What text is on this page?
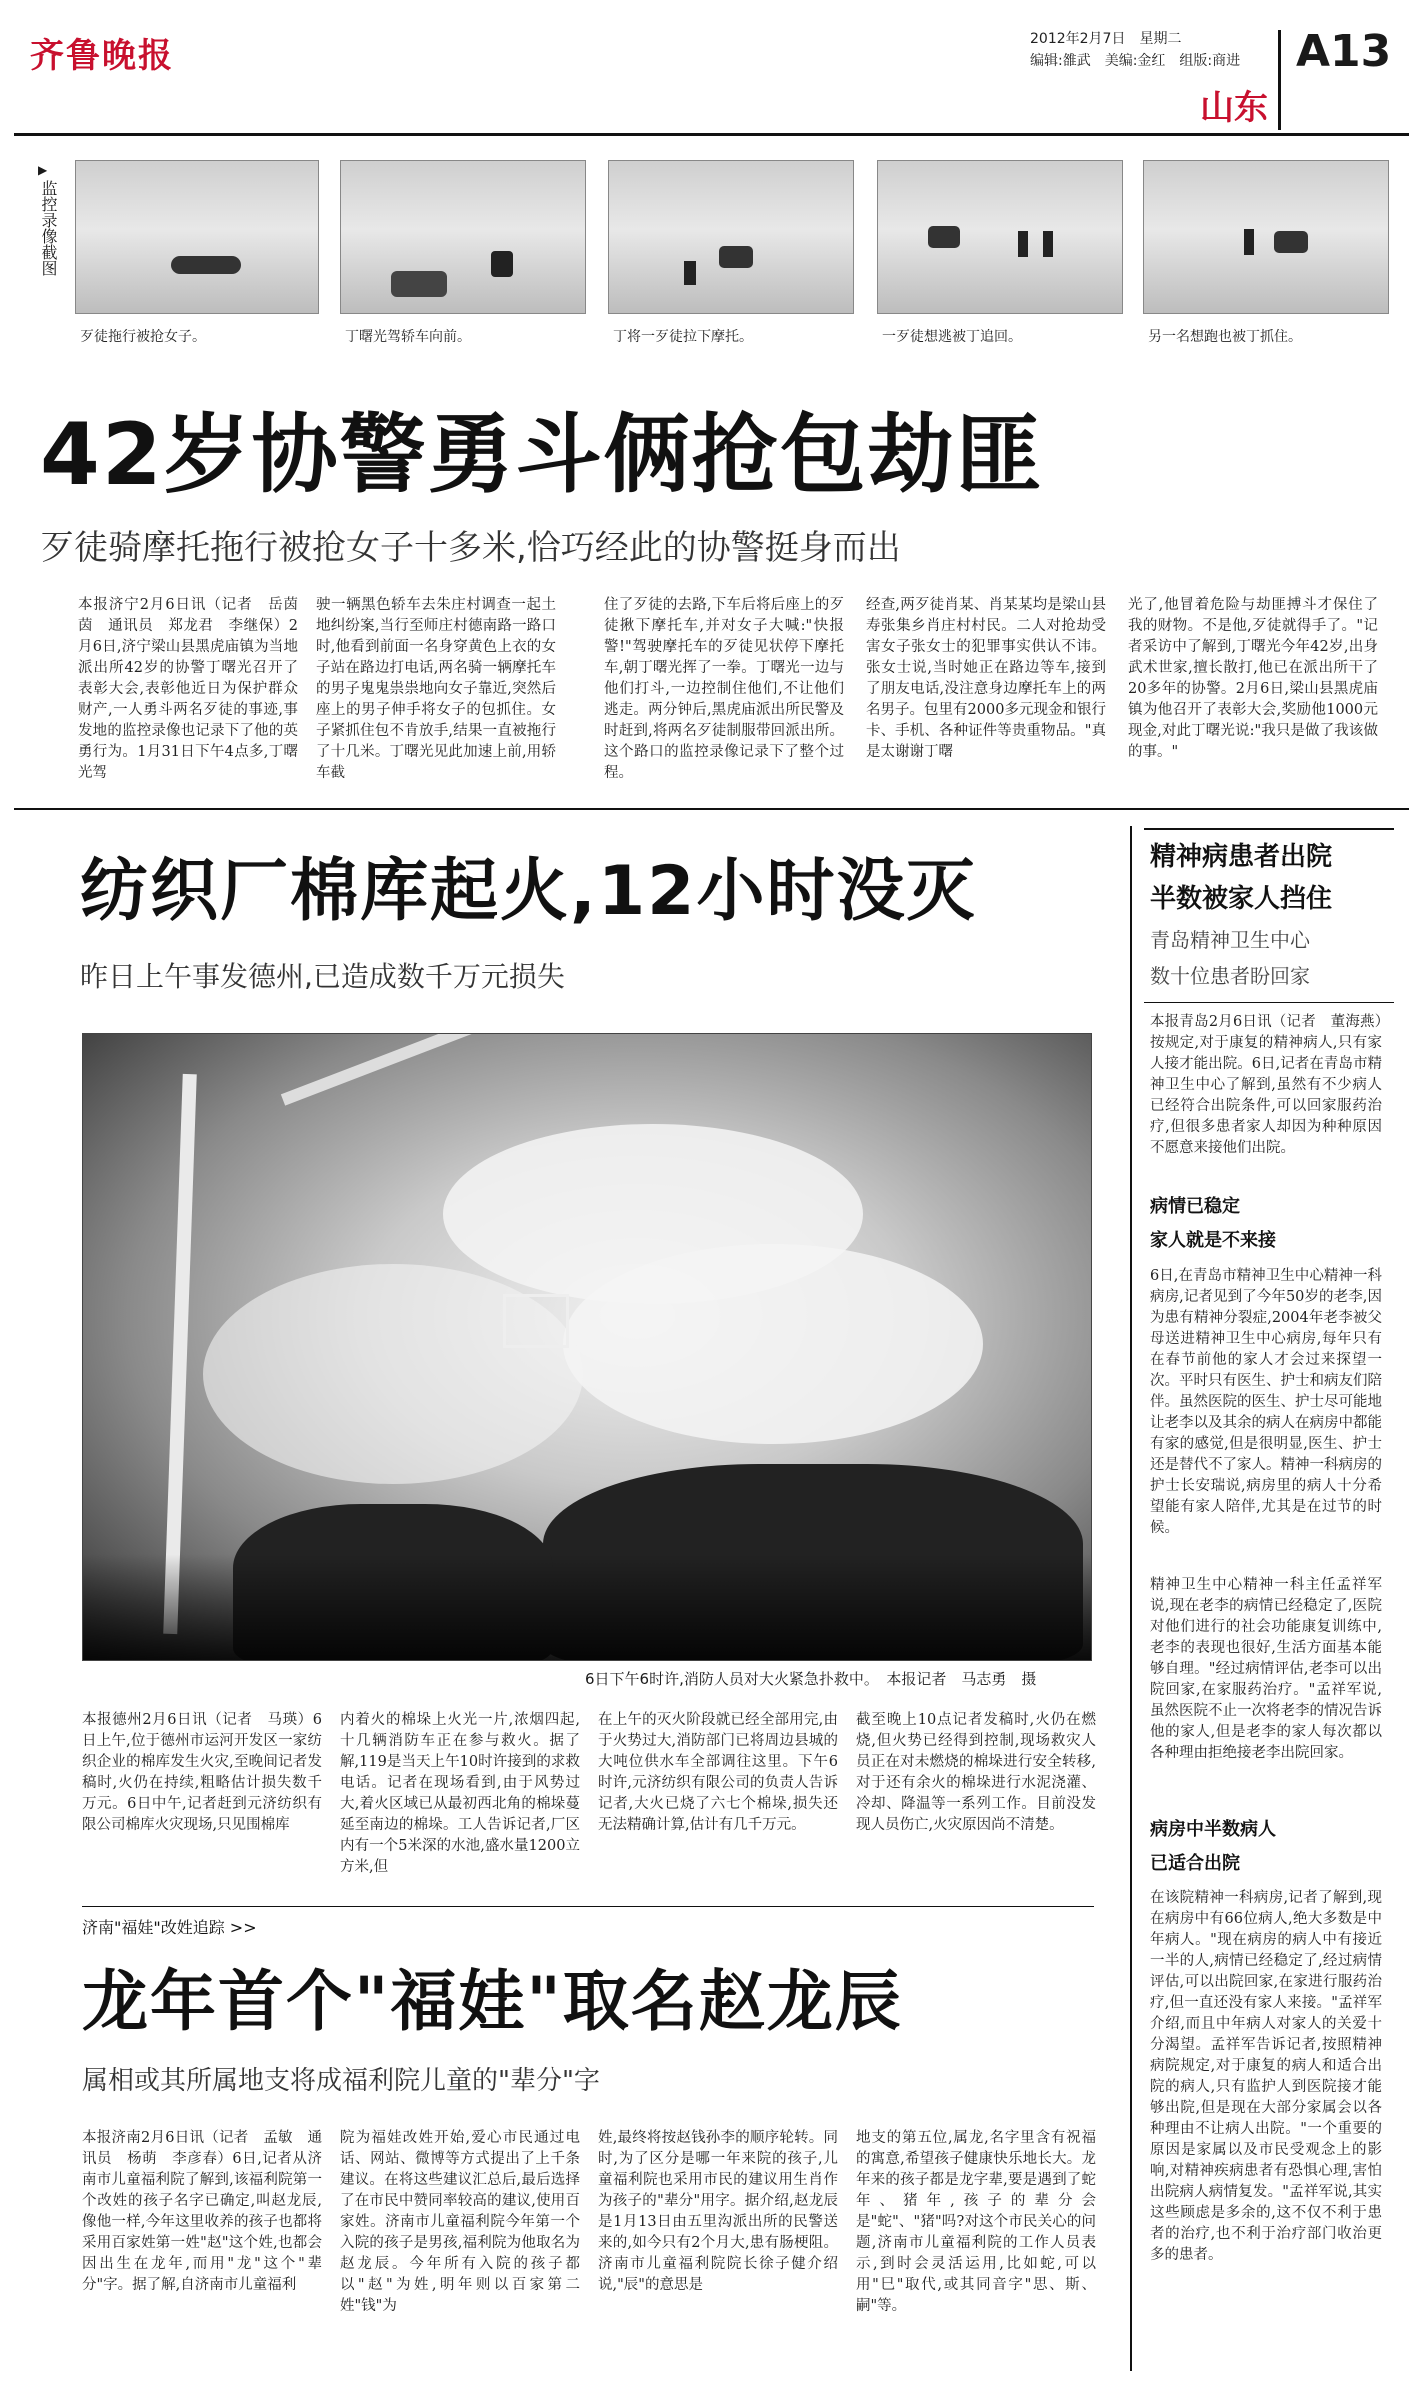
齐鲁晚报	2012年2月7日　星期二
编辑:雒武　美编:金红　组版:商进 A13
山东
▶
监控录像截图
歹徒拖行被抢女子。	丁曙光驾轿车向前。	丁将一歹徒拉下摩托。	一歹徒想逃被丁追回。	另一名想跑也被丁抓住。
42岁协警勇斗俩抢包劫匪
歹徒骑摩托拖行被抢女子十多米,恰巧经此的协警挺身而出
本报济宁2月6日讯（记者　岳茵茵　通讯员　郑龙君　李继保）2月6日,济宁梁山县黑虎庙镇为当地派出所42岁的协警丁曙光召开了表彰大会,表彰他近日为保护群众财产,一人勇斗两名歹徒的事迹,事发地的监控录像也记录下了他的英勇行为。1月31日下午4点多,丁曙光驾
驶一辆黑色轿车去朱庄村调查一起土地纠纷案,当行至师庄村德南路一路口时,他看到前面一名身穿黄色上衣的女子站在路边打电话,两名骑一辆摩托车的男子鬼鬼祟祟地向女子靠近,突然后座上的男子伸手将女子的包抓住。女子紧抓住包不肯放手,结果一直被拖行了十几米。丁曙光见此加速上前,用轿车截
住了歹徒的去路,下车后将后座上的歹徒揪下摩托车,并对女子大喊:"快报警!"驾驶摩托车的歹徒见状停下摩托车,朝丁曙光挥了一拳。丁曙光一边与他们打斗,一边控制住他们,不让他们逃走。两分钟后,黑虎庙派出所民警及时赶到,将两名歹徒制服带回派出所。这个路口的监控录像记录下了整个过程。
经查,两歹徒肖某、肖某某均是梁山县寿张集乡肖庄村村民。二人对抢劫受害女子张女士的犯罪事实供认不讳。张女士说,当时她正在路边等车,接到了朋友电话,没注意身边摩托车上的两名男子。包里有2000多元现金和银行卡、手机、各种证件等贵重物品。"真是太谢谢丁曙
光了,他冒着危险与劫匪搏斗才保住了我的财物。不是他,歹徒就得手了。"记者采访中了解到,丁曙光今年42岁,出身武术世家,擅长散打,他已在派出所干了20多年的协警。2月6日,梁山县黑虎庙镇为他召开了表彰大会,奖励他1000元现金,对此丁曙光说:"我只是做了我该做的事。"
纺织厂棉库起火,12小时没灭
昨日上午事发德州,已造成数千万元损失
6日下午6时许,消防人员对大火紧急扑救中。　本报记者　马志勇　摄
本报德州2月6日讯（记者　马瑛）6日上午,位于德州市运河开发区一家纺织企业的棉库发生火灾,至晚间记者发稿时,火仍在持续,粗略估计损失数千万元。6日中午,记者赶到元济纺织有限公司棉库火灾现场,只见围棉库
内着火的棉垛上火光一片,浓烟四起,十几辆消防车正在参与救火。据了解,119是当天上午10时许接到的求救电话。记者在现场看到,由于风势过大,着火区域已从最初西北角的棉垛蔓延至南边的棉垛。工人告诉记者,厂区内有一个5米深的水池,盛水量1200立方米,但
在上午的灭火阶段就已经全部用完,由于火势过大,消防部门已将周边县城的大吨位供水车全部调往这里。下午6时许,元济纺织有限公司的负责人告诉记者,大火已烧了六七个棉垛,损失还无法精确计算,估计有几千万元。
截至晚上10点记者发稿时,火仍在燃烧,但火势已经得到控制,现场救灾人员正在对未燃烧的棉垛进行安全转移,对于还有余火的棉垛进行水泥浇灌、冷却、降温等一系列工作。目前没发现人员伤亡,火灾原因尚不清楚。
济南"福娃"改姓追踪 >>
龙年首个"福娃"取名赵龙辰
属相或其所属地支将成福利院儿童的"辈分"字
本报济南2月6日讯（记者　孟敏　通讯员　杨萌　李彦春）6日,记者从济南市儿童福利院了解到,该福利院第一个改姓的孩子名字已确定,叫赵龙辰,像他一样,今年这里收养的孩子也都将采用百家姓第一姓"赵"这个姓,也都会因出生在龙年,而用"龙"这个"辈分"字。据了解,自济南市儿童福利
院为福娃改姓开始,爱心市民通过电话、网站、微博等方式提出了上千条建议。在将这些建议汇总后,最后选择了在市民中赞同率较高的建议,使用百家姓。济南市儿童福利院今年第一个入院的孩子是男孩,福利院为他取名为赵龙辰。今年所有入院的孩子都以"赵"为姓,明年则以百家第二姓"钱"为
姓,最终将按赵钱孙李的顺序轮转。同时,为了区分是哪一年来院的孩子,儿童福利院也采用市民的建议用生肖作为孩子的"辈分"用字。据介绍,赵龙辰是1月13日由五里沟派出所的民警送来的,如今只有2个月大,患有肠梗阻。济南市儿童福利院院长徐子健介绍说,"辰"的意思是
地支的第五位,属龙,名字里含有祝福的寓意,希望孩子健康快乐地长大。龙年来的孩子都是龙字辈,要是遇到了蛇年、猪年,孩子的辈分会是"蛇"、"猪"吗?对这个市民关心的问题,济南市儿童福利院的工作人员表示,到时会灵活运用,比如蛇,可以用"巳"取代,或其同音字"思、斯、嗣"等。
精神病患者出院
半数被家人挡住
青岛精神卫生中心
数十位患者盼回家
本报青岛2月6日讯（记者　董海燕）按规定,对于康复的精神病人,只有家人接才能出院。6日,记者在青岛市精神卫生中心了解到,虽然有不少病人已经符合出院条件,可以回家服药治疗,但很多患者家人却因为种种原因不愿意来接他们出院。
病情已稳定
家人就是不来接
6日,在青岛市精神卫生中心精神一科病房,记者见到了今年50岁的老李,因为患有精神分裂症,2004年老李被父母送进精神卫生中心病房,每年只有在春节前他的家人才会过来探望一次。平时只有医生、护士和病友们陪伴。虽然医院的医生、护士尽可能地让老李以及其余的病人在病房中都能有家的感觉,但是很明显,医生、护士还是替代不了家人。精神一科病房的护士长安瑞说,病房里的病人十分希望能有家人陪伴,尤其是在过节的时候。
精神卫生中心精神一科主任孟祥军说,现在老李的病情已经稳定了,医院对他们进行的社会功能康复训练中,老李的表现也很好,生活方面基本能够自理。"经过病情评估,老李可以出院回家,在家服药治疗。"孟祥军说,虽然医院不止一次将老李的情况告诉他的家人,但是老李的家人每次都以各种理由拒绝接老李出院回家。
病房中半数病人
已适合出院
在该院精神一科病房,记者了解到,现在病房中有66位病人,绝大多数是中年病人。"现在病房的病人中有接近一半的人,病情已经稳定了,经过病情评估,可以出院回家,在家进行服药治疗,但一直还没有家人来接。"孟祥军介绍,而且中年病人对家人的关爱十分渴望。孟祥军告诉记者,按照精神病院规定,对于康复的病人和适合出院的病人,只有监护人到医院接才能够出院,但是现在大部分家属会以各种理由不让病人出院。"一个重要的原因是家属以及市民受观念上的影响,对精神疾病患者有恐惧心理,害怕出院病人病情复发。"孟祥军说,其实这些顾虑是多余的,这不仅不利于患者的治疗,也不利于治疗部门收治更多的患者。
